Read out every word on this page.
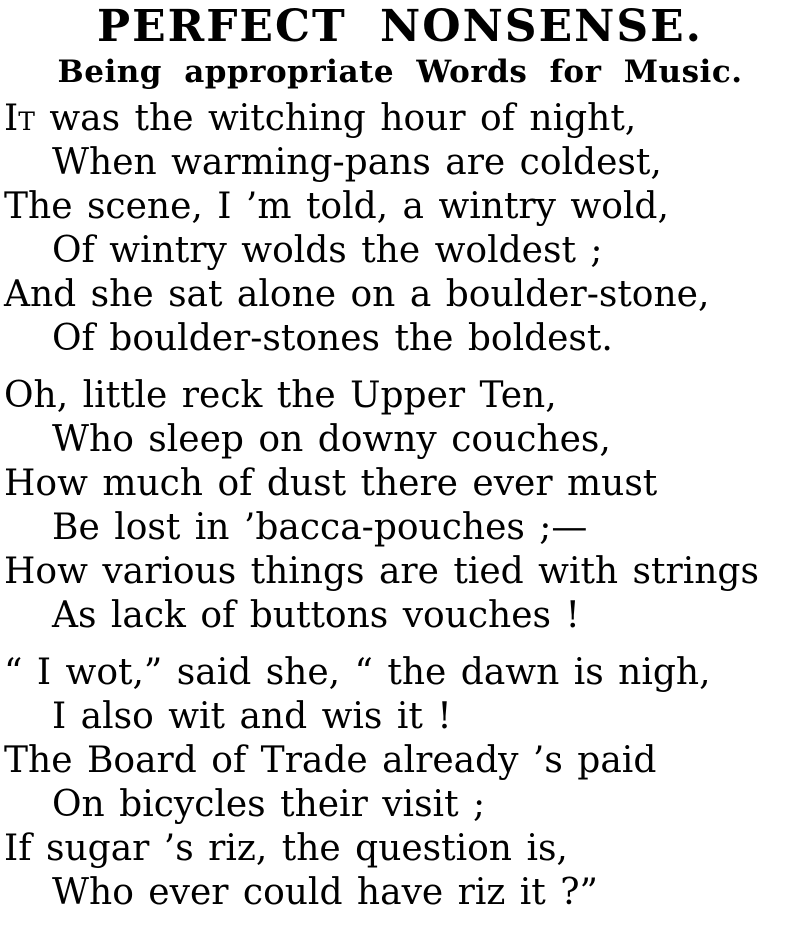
PERFECT NONSENSE.
Being appropriate Words for Music.
It was the witching hour of night,
When warming-pans are coldest,
The scene, I ’m told, a wintry wold,
Of wintry wolds the woldest ;
And she sat alone on a boulder-stone,
Of boulder-stones the boldest.
Oh, little reck the Upper Ten,
Who sleep on downy couches,
How much of dust there ever must
Be lost in ’bacca-pouches ;—
How various things are tied with strings
As lack of buttons vouches !
“ I wot,” said she, “ the dawn is nigh,
I also wit and wis it !
The Board of Trade already ’s paid
On bicycles their visit ;
If sugar ’s riz, the question is,
Who ever could have riz it ?”
